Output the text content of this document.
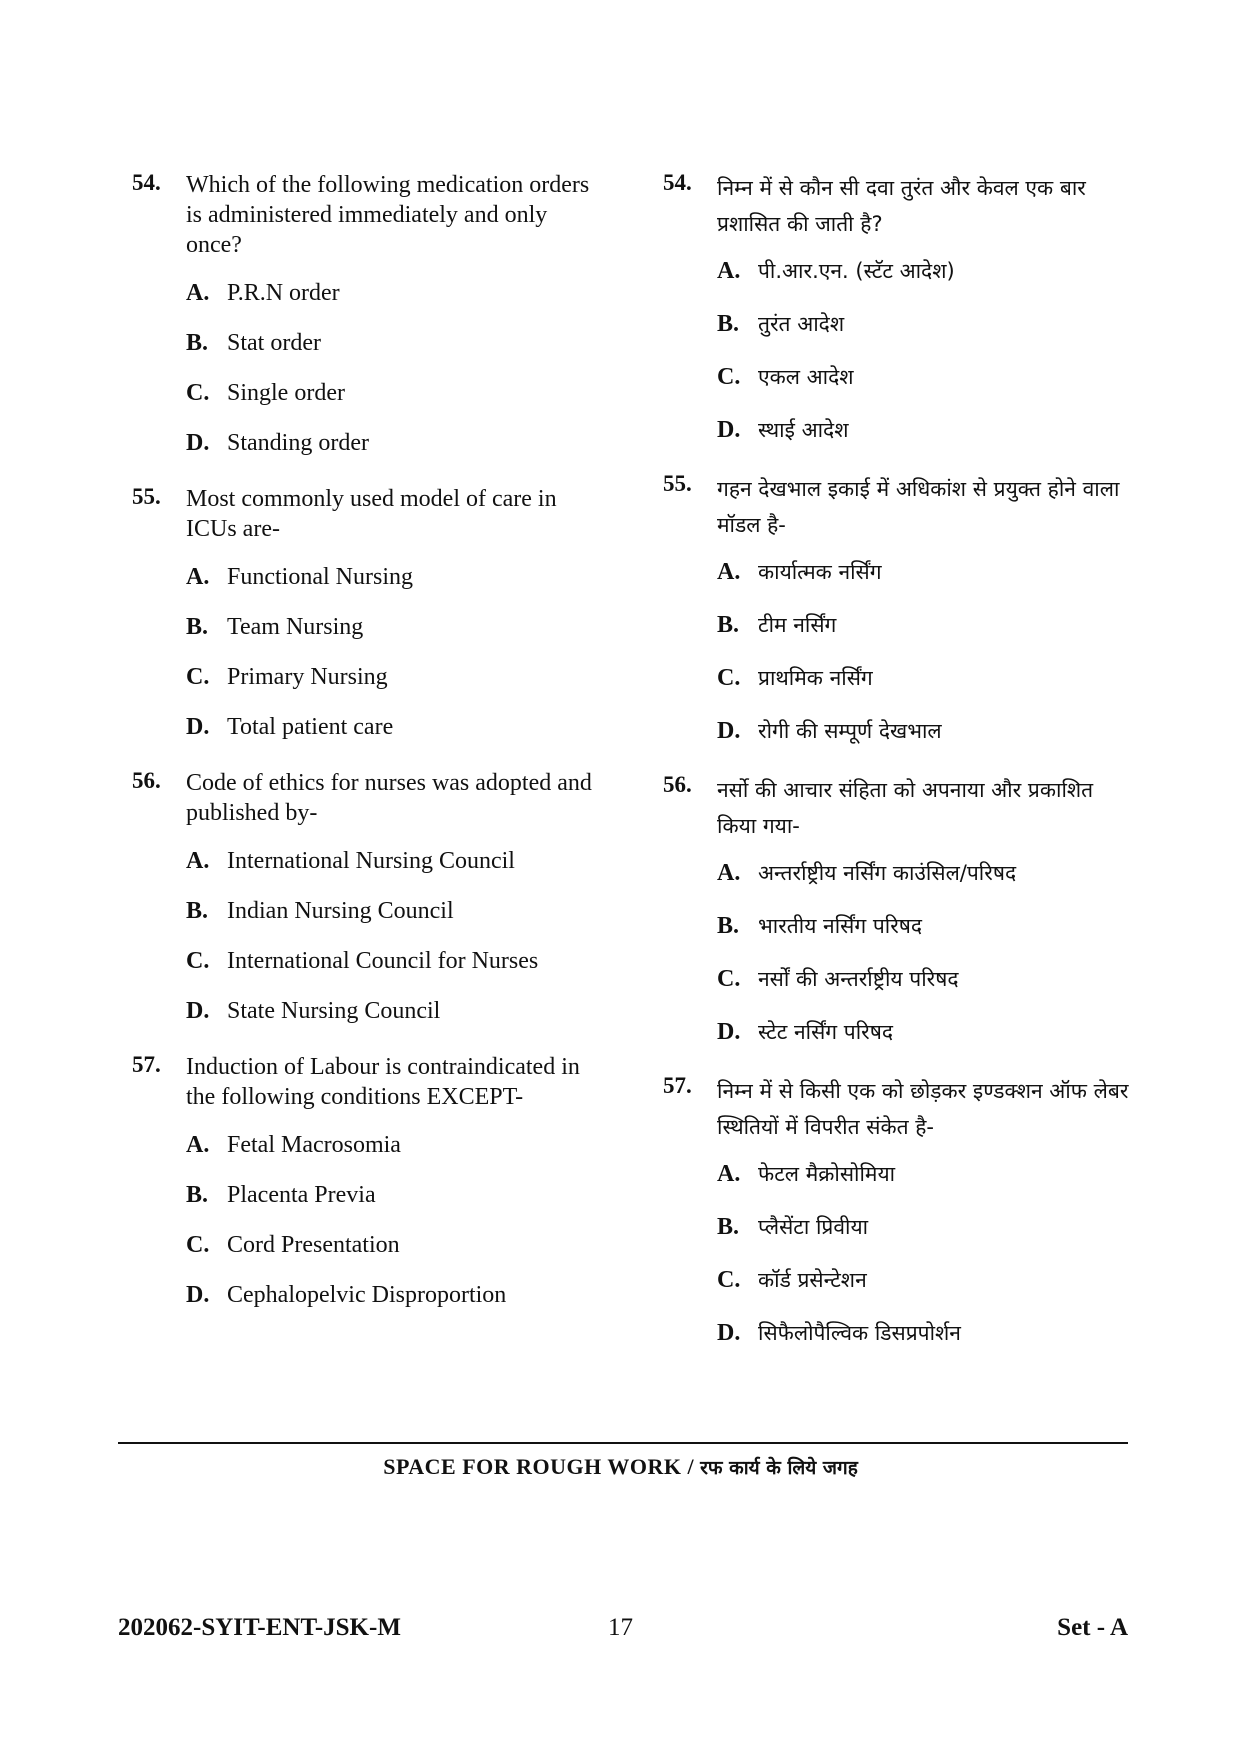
54. Which of the following medication orders is administered immediately and only once?
A. P.R.N order
B. Stat order
C. Single order
D. Standing order
55. Most commonly used model of care in ICUs are-
A. Functional Nursing
B. Team Nursing
C. Primary Nursing
D. Total patient care
56. Code of ethics for nurses was adopted and published by-
A. International Nursing Council
B. Indian Nursing Council
C. International Council for Nurses
D. State Nursing Council
57. Induction of Labour is contraindicated in the following conditions EXCEPT-
A. Fetal Macrosomia
B. Placenta Previa
C. Cord Presentation
D. Cephalopelvic Disproportion
54. निम्न में से कौन सी दवा तुरंत और केवल एक बार प्रशासित की जाती है?
A. पी.आर.एन. (स्टॅट आदेश)
B. तुरंत आदेश
C. एकल आदेश
D. स्थाई आदेश
55. गहन देखभाल इकाई में अधिकांश से प्रयुक्त होने वाला मॉडल है-
A. कार्यात्मक नर्सिंग
B. टीम नर्सिंग
C. प्राथमिक नर्सिंग
D. रोगी की सम्पूर्ण देखभाल
56. नर्सो की आचार संहिता को अपनाया और प्रकाशित किया गया-
A. अन्तर्राष्ट्रीय नर्सिंग काउंसिल/परिषद
B. भारतीय नर्सिंग परिषद
C. नर्सों की अन्तर्राष्ट्रीय परिषद
D. स्टेट नर्सिंग परिषद
57. निम्न में से किसी एक को छोड़कर इण्डक्शन ऑफ लेबर स्थितियों में विपरीत संकेत है-
A. फेटल मैक्रोसोमिया
B. प्लैसेंटा प्रिवीया
C. कॉर्ड प्रसेन्टेशन
D. सिफैलोपैल्विक डिसप्रपोर्शन
SPACE FOR ROUGH WORK / रफ कार्य के लिये जगह
17
202062-SYIT-ENT-JSK-M	Set - A
